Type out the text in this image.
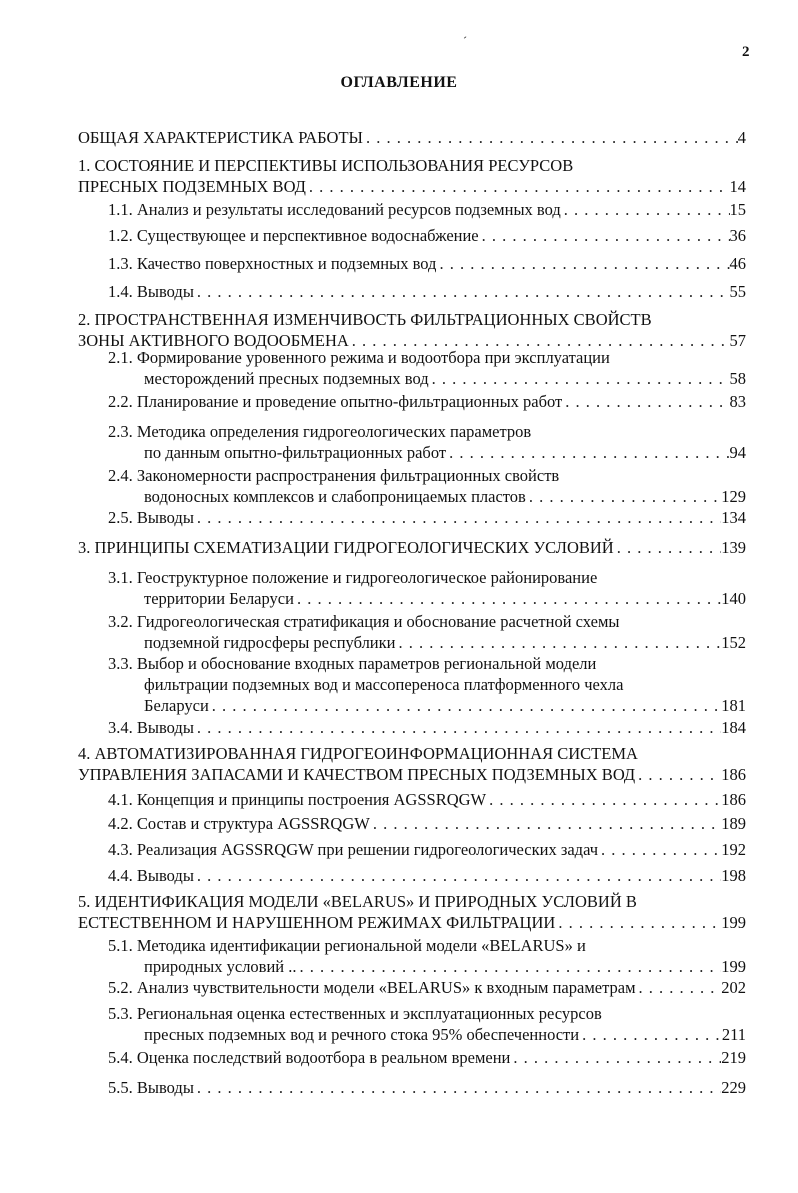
´
2
ОГЛАВЛЕНИЕ
ОБЩАЯ ХАРАКТЕРИСТИКА РАБОТЫ . . .	4
1. СОСТОЯНИЕ И ПЕРСПЕКТИВЫ ИСПОЛЬЗОВАНИЯ РЕСУРСОВ
ПРЕСНЫХ ПОДЗЕМНЫХ ВОД . . .	14
1.1. Анализ и результаты исследований ресурсов подземных вод . . .	15
1.2. Существующее и перспективное водоснабжение . . .	36
1.3. Качество поверхностных и подземных вод . . .	46
1.4. Выводы . . .	55
2. ПРОСТРАНСТВЕННАЯ ИЗМЕНЧИВОСТЬ ФИЛЬТРАЦИОННЫХ СВОЙСТВ
ЗОНЫ АКТИВНОГО ВОДООБМЕНА . . .	57
2.1. Формирование уровенного режима и водоотбора при эксплуатации
месторождений пресных подземных вод . . .	58
2.2. Планирование и проведение опытно-фильтрационных работ . . .	83
2.3. Методика определения гидрогеологических параметров
по данным опытно-фильтрационных работ . . .	94
2.4. Закономерности распространения фильтрационных свойств
водоносных комплексов и слабопроницаемых пластов . . .	129
2.5. Выводы . . .	134
3. ПРИНЦИПЫ СХЕМАТИЗАЦИИ ГИДРОГЕОЛОГИЧЕСКИХ УСЛОВИЙ . . .	139
3.1. Геоструктурное положение и гидрогеологическое районирование
территории Беларуси . . .	140
3.2. Гидрогеологическая стратификация и обоснование расчетной схемы
подземной гидросферы республики . . .	152
3.3. Выбор и обоснование входных параметров региональной модели
фильтрации подземных вод и массопереноса платформенного чехла
Беларуси . . .	181
3.4. Выводы . . .	184
4. АВТОМАТИЗИРОВАННАЯ ГИДРОГЕОИНФОРМАЦИОННАЯ СИСТЕМА
УПРАВЛЕНИЯ ЗАПАСАМИ И КАЧЕСТВОМ ПРЕСНЫХ ПОДЗЕМНЫХ ВОД . . .	186
4.1. Концепция и принципы построения AGSSRQGW . . .	186
4.2. Состав и структура AGSSRQGW . . .	189
4.3. Реализация AGSSRQGW при решении гидрогеологических задач . . .	192
4.4. Выводы . . .	198
5. ИДЕНТИФИКАЦИЯ МОДЕЛИ «BELARUS» И ПРИРОДНЫХ УСЛОВИЙ В
ЕСТЕСТВЕННОМ И НАРУШЕННОМ РЕЖИМАХ ФИЛЬТРАЦИИ . . .	199
5.1. Методика идентификации региональной модели «BELARUS» и
природных условий .. . . .	199
5.2. Анализ чувствительности модели «BELARUS» к входным параметрам . . .	202
5.3. Региональная оценка естественных и эксплуатационных ресурсов
пресных подземных вод и речного стока 95% обеспеченности . . .	211
5.4. Оценка последствий водоотбора в реальном времени . . .	219
5.5. Выводы . . .	229
